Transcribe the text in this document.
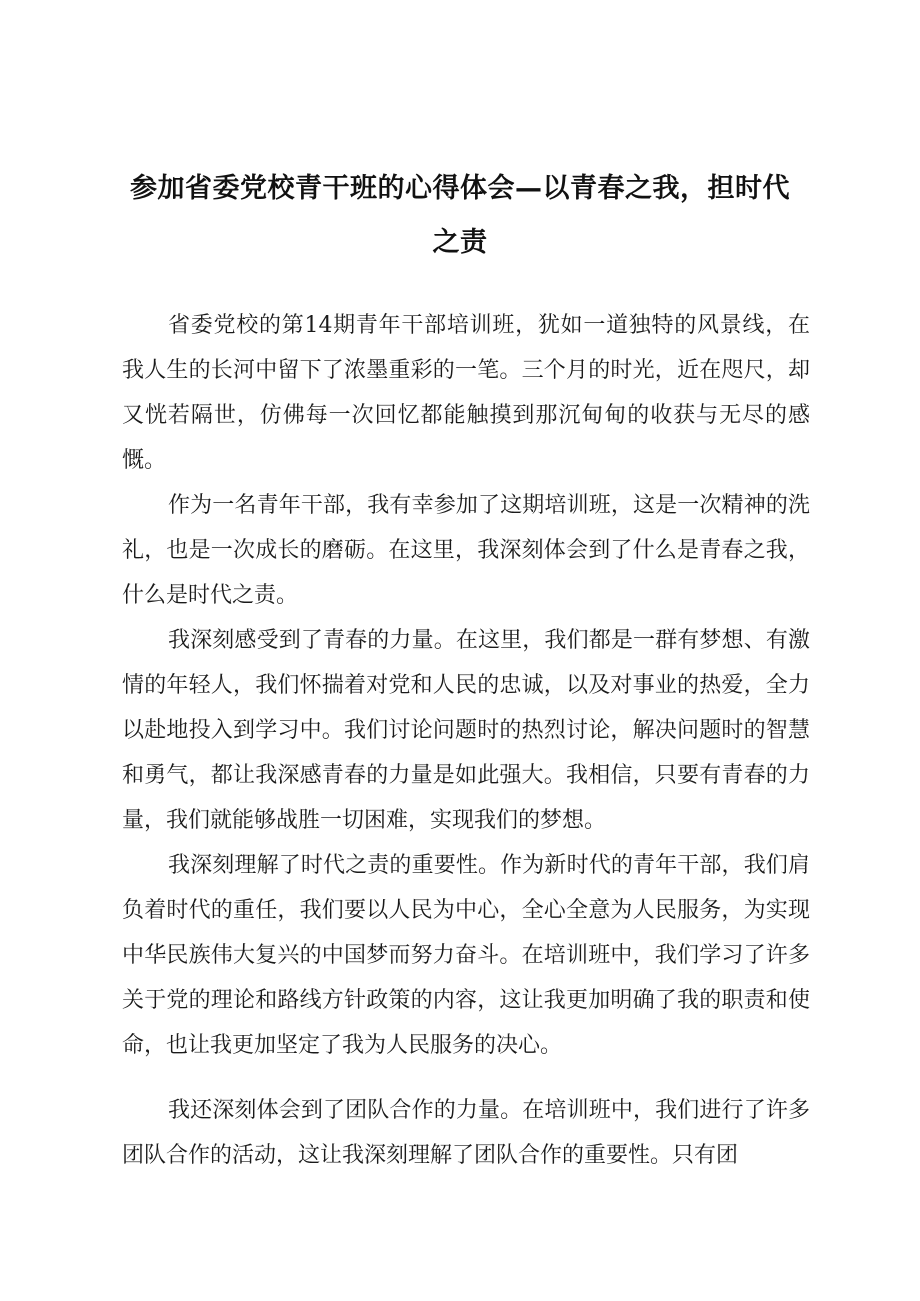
参加省委党校青干班的心得体会—以青春之我，担时代之责

省委党校的第14期青年干部培训班，犹如一道独特的风景线，在我人生的长河中留下了浓墨重彩的一笔。三个月的时光，近在咫尺，却又恍若隔世，仿佛每一次回忆都能触摸到那沉甸甸的收获与无尽的感慨。

作为一名青年干部，我有幸参加了这期培训班，这是一次精神的洗礼，也是一次成长的磨砺。在这里，我深刻体会到了什么是青春之我，什么是时代之责。

我深刻感受到了青春的力量。在这里，我们都是一群有梦想、有激情的年轻人，我们怀揣着对党和人民的忠诚，以及对事业的热爱，全力以赴地投入到学习中。我们讨论问题时的热烈讨论，解决问题时的智慧和勇气，都让我深感青春的力量是如此强大。我相信，只要有青春的力量，我们就能够战胜一切困难，实现我们的梦想。

我深刻理解了时代之责的重要性。作为新时代的青年干部，我们肩负着时代的重任，我们要以人民为中心，全心全意为人民服务，为实现中华民族伟大复兴的中国梦而努力奋斗。在培训班中，我们学习了许多关于党的理论和路线方针政策的内容，这让我更加明确了我的职责和使命，也让我更加坚定了我为人民服务的决心。

我还深刻体会到了团队合作的力量。在培训班中，我们进行了许多团队合作的活动，这让我深刻理解了团队合作的重要性。只有团
